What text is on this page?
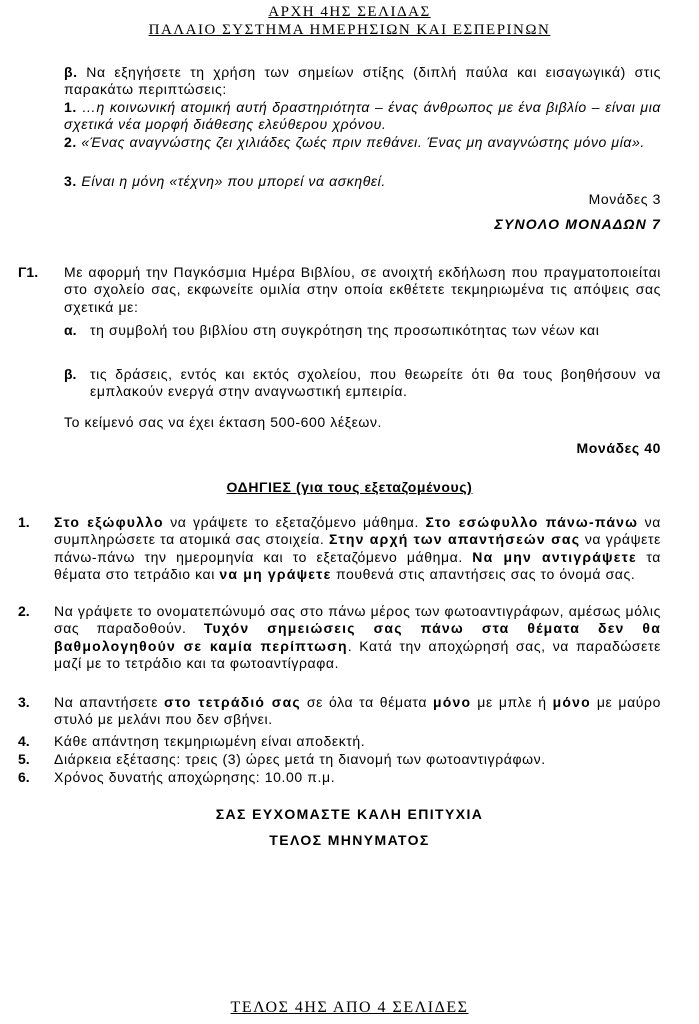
ΑΡΧΗ 4ΗΣ ΣΕΛΙΔΑΣ
ΠΑΛΑΙΟ ΣΥΣΤΗΜΑ ΗΜΕΡΗΣΙΩΝ ΚΑΙ ΕΣΠΕΡΙΝΩΝ
β. Να εξηγήσετε τη χρήση των σημείων στίξης (διπλή παύλα και εισαγωγικά) στις παρακάτω περιπτώσεις:
1. …η κοινωνική ατομική αυτή δραστηριότητα – ένας άνθρωπος με ένα βιβλίο – είναι μια σχετικά νέα μορφή διάθεσης ελεύθερου χρόνου.
2. «Ένας αναγνώστης ζει χιλιάδες ζωές πριν πεθάνει. Ένας μη αναγνώστης μόνο μία».
3. Είναι η μόνη «τέχνη» που μπορεί να ασκηθεί.
Μονάδες 3
ΣΥΝΟΛΟ ΜΟΝΑΔΩΝ 7
Γ1. Με αφορμή την Παγκόσμια Ημέρα Βιβλίου, σε ανοιχτή εκδήλωση που πραγματοποιείται στο σχολείο σας, εκφωνείτε ομιλία στην οποία εκθέτετε τεκμηριωμένα τις απόψεις σας σχετικά με:
α. τη συμβολή του βιβλίου στη συγκρότηση της προσωπικότητας των νέων και
β. τις δράσεις, εντός και εκτός σχολείου, που θεωρείτε ότι θα τους βοηθήσουν να εμπλακούν ενεργά στην αναγνωστική εμπειρία.
Το κείμενό σας να έχει έκταση 500-600 λέξεων.
Μονάδες 40
ΟΔΗΓΙΕΣ (για τους εξεταζομένους)
1. Στο εξώφυλλο να γράψετε το εξεταζόμενο μάθημα. Στο εσώφυλλο πάνω-πάνω να συμπληρώσετε τα ατομικά σας στοιχεία. Στην αρχή των απαντήσεών σας να γράψετε πάνω-πάνω την ημερομηνία και το εξεταζόμενο μάθημα. Να μην αντιγράψετε τα θέματα στο τετράδιο και να μη γράψετε πουθενά στις απαντήσεις σας το όνομά σας.
2. Να γράψετε το ονοματεπώνυμό σας στο πάνω μέρος των φωτοαντιγράφων, αμέσως μόλις σας παραδοθούν. Τυχόν σημειώσεις σας πάνω στα θέματα δεν θα βαθμολογηθούν σε καμία περίπτωση. Κατά την αποχώρησή σας, να παραδώσετε μαζί με το τετράδιο και τα φωτοαντίγραφα.
3. Να απαντήσετε στο τετράδιό σας σε όλα τα θέματα μόνο με μπλε ή μόνο με μαύρο στυλό με μελάνι που δεν σβήνει.
4. Κάθε απάντηση τεκμηριωμένη είναι αποδεκτή.
5. Διάρκεια εξέτασης: τρεις (3) ώρες μετά τη διανομή των φωτοαντιγράφων.
6. Χρόνος δυνατής αποχώρησης: 10.00 π.μ.
ΣΑΣ ΕΥΧΟΜΑΣΤΕ ΚΑΛΗ ΕΠΙΤΥΧΙΑ
ΤΕΛΟΣ ΜΗΝΥΜΑΤΟΣ
ΤΕΛΟΣ 4ΗΣ ΑΠΟ 4 ΣΕΛΙΔΕΣ
